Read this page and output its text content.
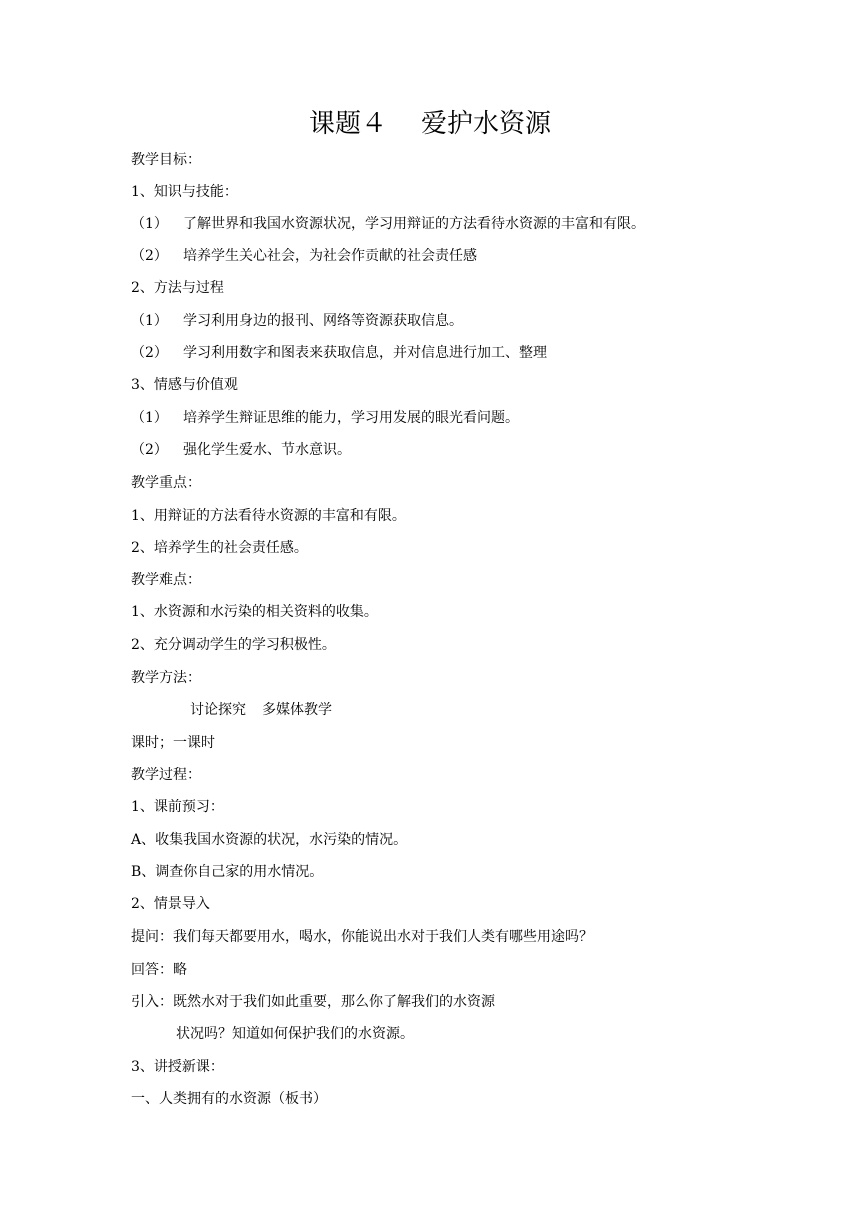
课题４ 爱护水资源
教学目标：
1、知识与技能：
（1） 了解世界和我国水资源状况，学习用辩证的方法看待水资源的丰富和有限。
（2） 培养学生关心社会，为社会作贡献的社会责任感
2、方法与过程
（1） 学习利用身边的报刊、网络等资源获取信息。
（2） 学习利用数字和图表来获取信息，并对信息进行加工、整理
3、情感与价值观
（1） 培养学生辩证思维的能力，学习用发展的眼光看问题。
（2） 强化学生爱水、节水意识。
教学重点：
1、用辩证的方法看待水资源的丰富和有限。
2、培养学生的社会责任感。
教学难点：
1、水资源和水污染的相关资料的收集。
2、充分调动学生的学习积极性。
教学方法：
讨论探究 多媒体教学
课时；一课时
教学过程：
1、课前预习：
A、收集我国水资源的状况，水污染的情况。
B、调查你自己家的用水情况。
2、情景导入
提问：我们每天都要用水，喝水，你能说出水对于我们人类有哪些用途吗？
回答：略
引入：既然水对于我们如此重要，那么你了解我们的水资源
状况吗？知道如何保护我们的水资源。
3、讲授新课：
一、人类拥有的水资源（板书）
